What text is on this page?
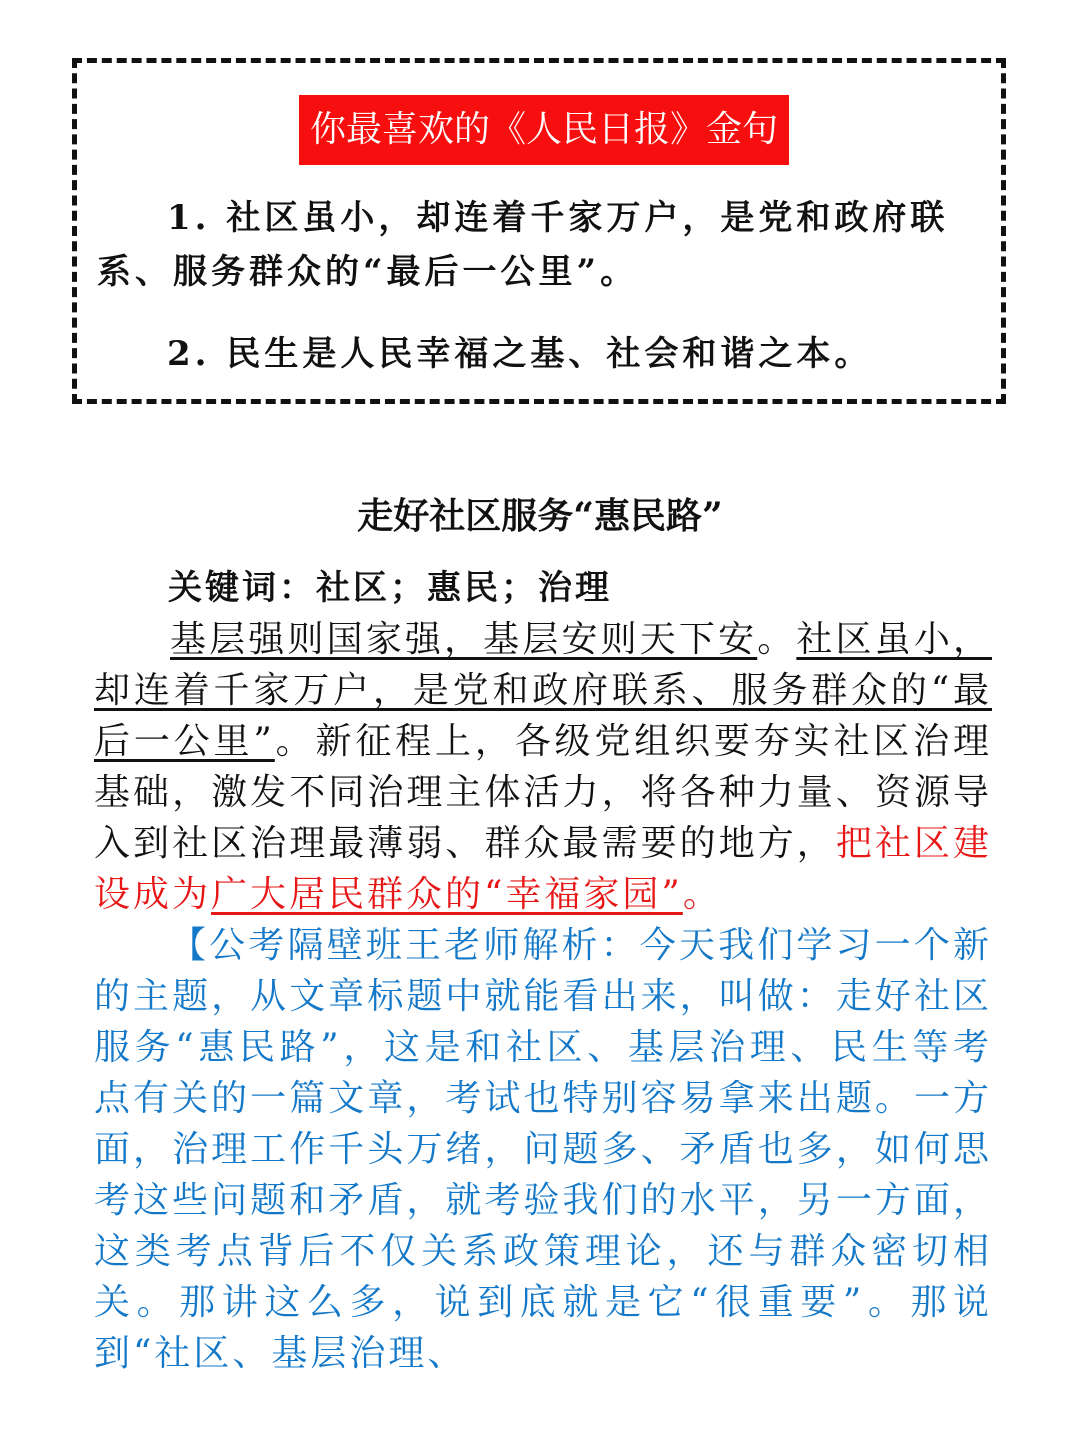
你最喜欢的《人民日报》金句
1. 社区虽小，却连着千家万户，是党和政府联系、服务群众的“最后一公里”。
2. 民生是人民幸福之基、社会和谐之本。
走好社区服务“惠民路”
关键词：社区；惠民；治理
基层强则国家强，基层安则天下安。社区虽小，却连着千家万户，是党和政府联系、服务群众的“最后一公里”。新征程上，各级党组织要夯实社区治理基础，激发不同治理主体活力，将各种力量、资源导入到社区治理最薄弱、群众最需要的地方，把社区建设成为广大居民群众的“幸福家园”。
【公考隔壁班王老师解析：今天我们学习一个新的主题，从文章标题中就能看出来，叫做：走好社区服务“惠民路”，这是和社区、基层治理、民生等考点有关的一篇文章，考试也特别容易拿来出题。一方面，治理工作千头万绪，问题多、矛盾也多，如何思考这些问题和矛盾，就考验我们的水平，另一方面，这类考点背后不仅关系政策理论，还与群众密切相关。那讲这么多，说到底就是它“很重要”。那说到“社区、基层治理、
